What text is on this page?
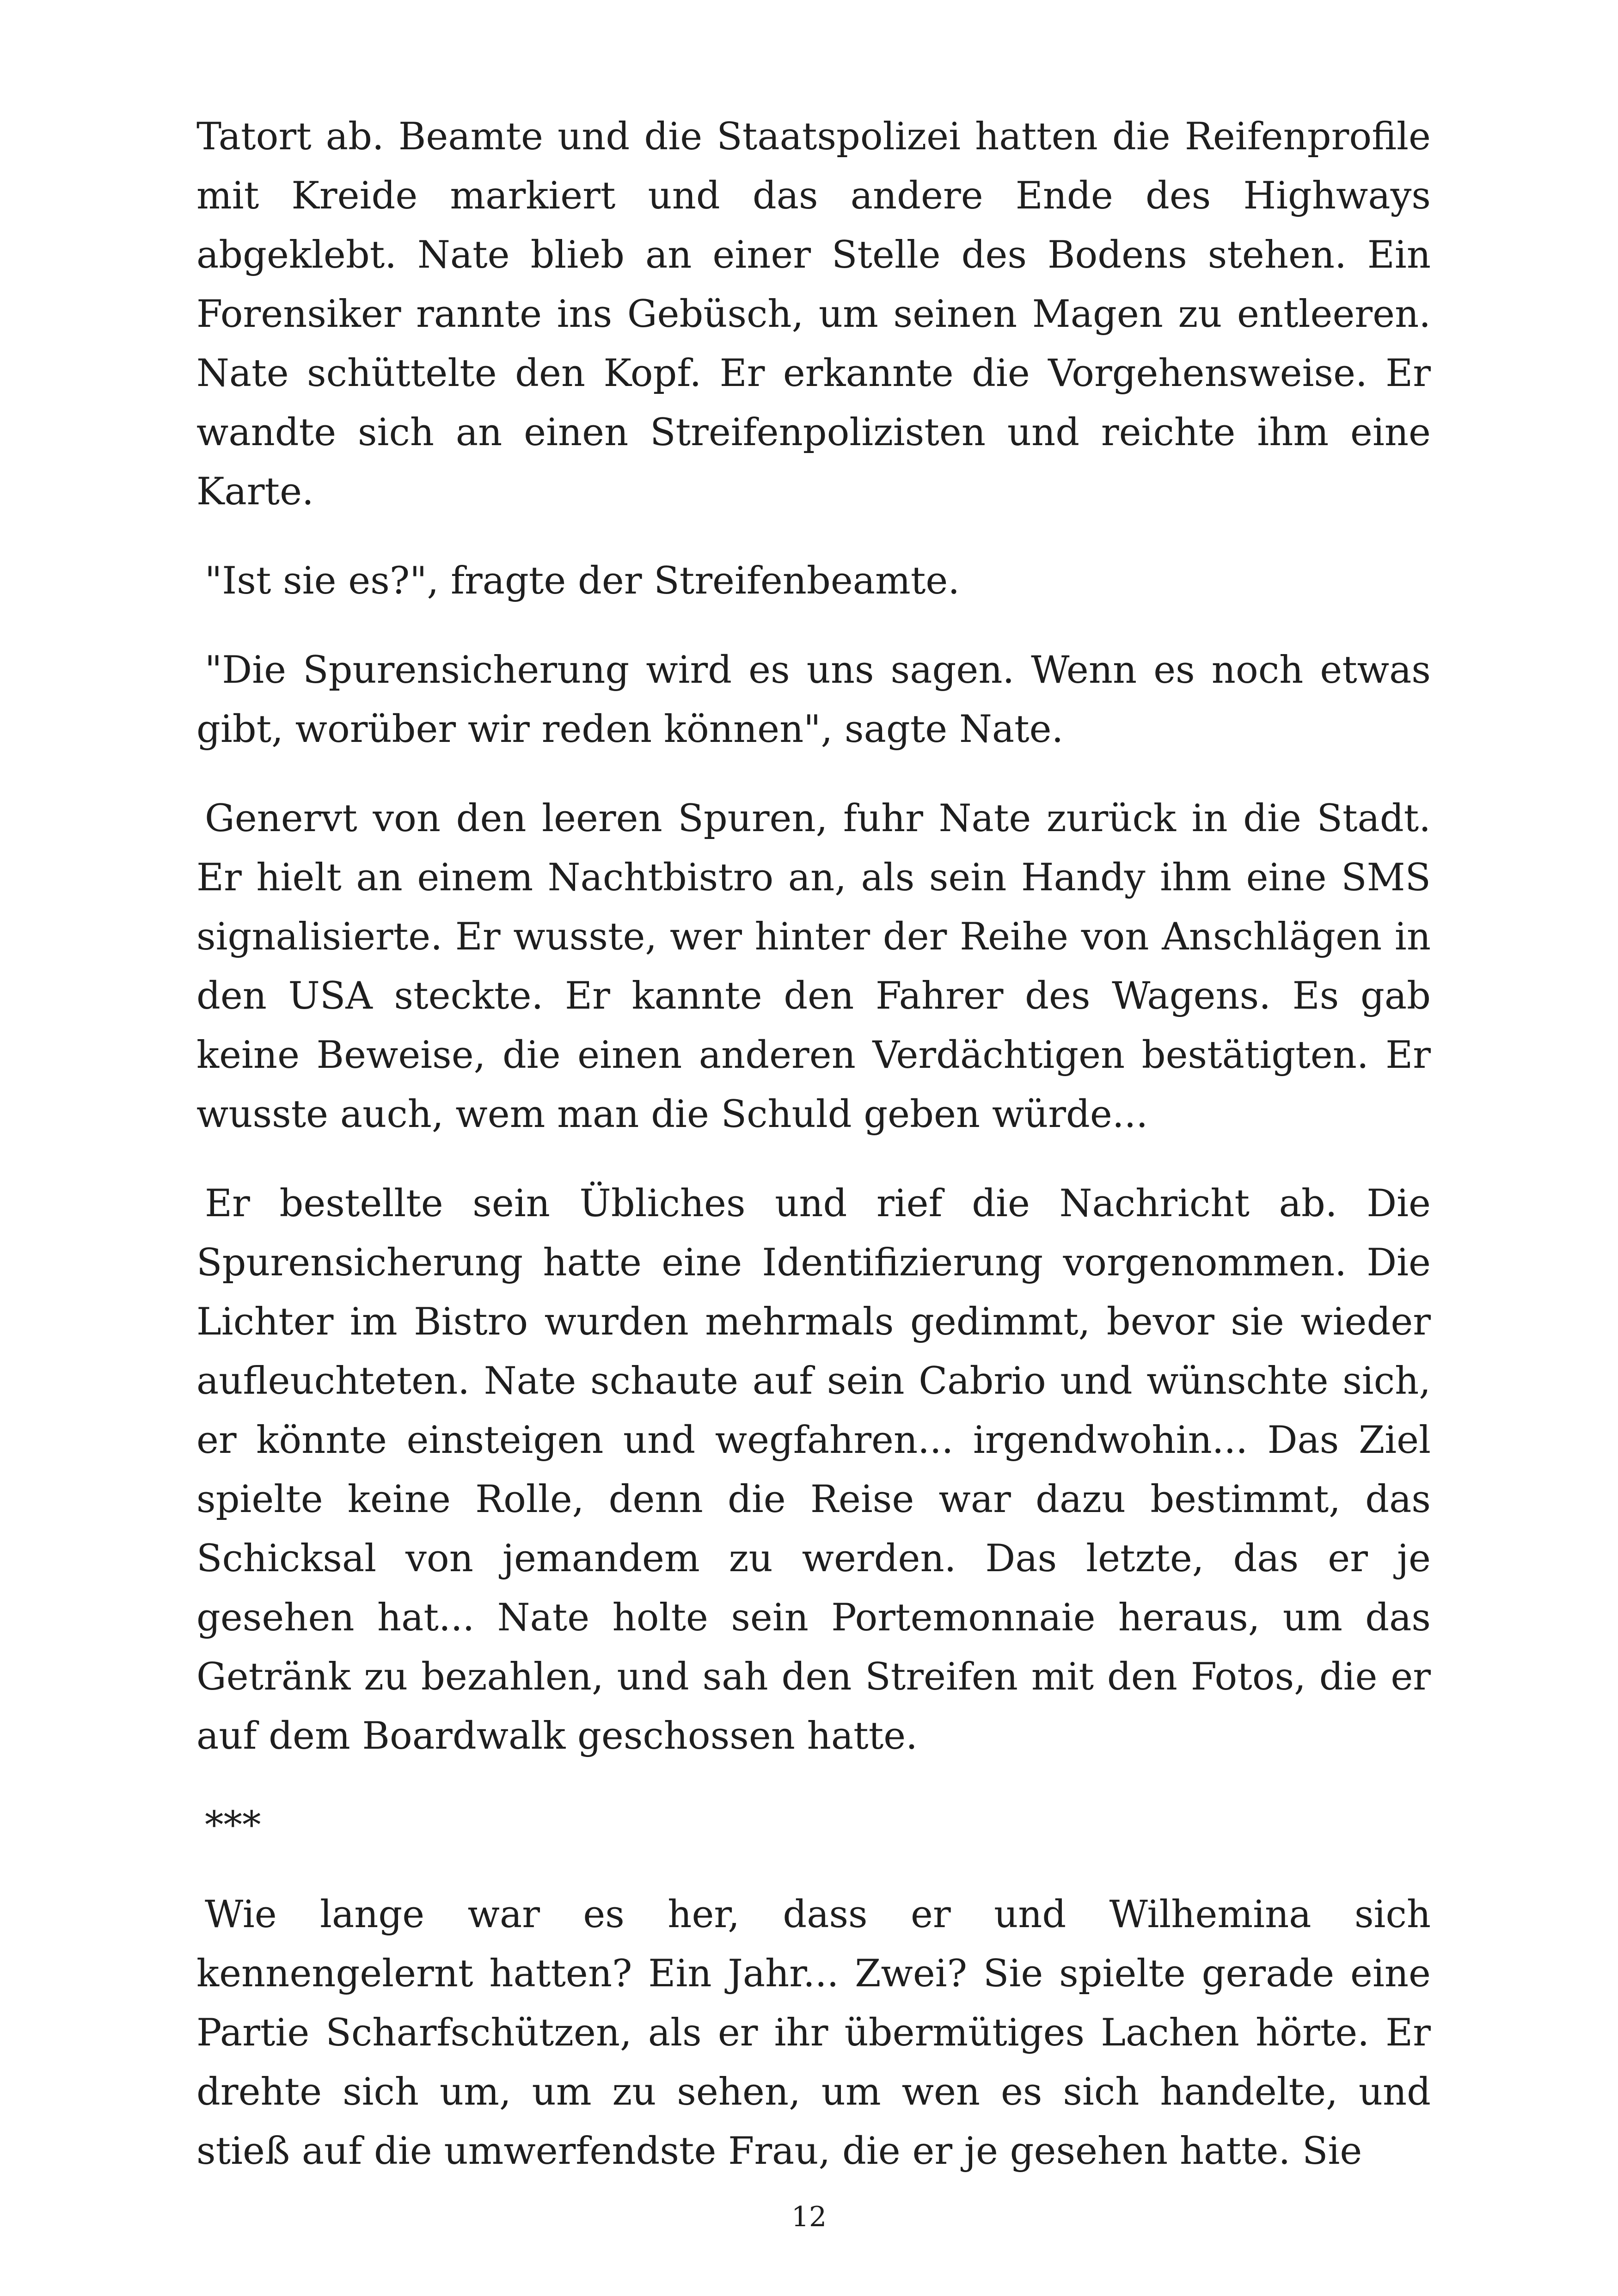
Tatort ab. Beamte und die Staatspolizei hatten die Reifenprofile mit Kreide markiert und das andere Ende des Highways abgeklebt. Nate blieb an einer Stelle des Bodens stehen. Ein Forensiker rannte ins Gebüsch, um seinen Magen zu entleeren. Nate schüttelte den Kopf. Er erkannte die Vorgehensweise. Er wandte sich an einen Streifenpolizisten und reichte ihm eine Karte.

"Ist sie es?", fragte der Streifenbeamte.

"Die Spurensicherung wird es uns sagen. Wenn es noch etwas gibt, worüber wir reden können", sagte Nate.

Genervt von den leeren Spuren, fuhr Nate zurück in die Stadt. Er hielt an einem Nachtbistro an, als sein Handy ihm eine SMS signalisierte. Er wusste, wer hinter der Reihe von Anschlägen in den USA steckte. Er kannte den Fahrer des Wagens. Es gab keine Beweise, die einen anderen Verdächtigen bestätigten. Er wusste auch, wem man die Schuld geben würde...

Er bestellte sein Übliches und rief die Nachricht ab. Die Spurensicherung hatte eine Identifizierung vorgenommen. Die Lichter im Bistro wurden mehrmals gedimmt, bevor sie wieder aufleuchteten. Nate schaute auf sein Cabrio und wünschte sich, er könnte einsteigen und wegfahren... irgendwohin... Das Ziel spielte keine Rolle, denn die Reise war dazu bestimmt, das Schicksal von jemandem zu werden. Das letzte, das er je gesehen hat... Nate holte sein Portemonnaie heraus, um das Getränk zu bezahlen, und sah den Streifen mit den Fotos, die er auf dem Boardwalk geschossen hatte.

***

Wie lange war es her, dass er und Wilhemina sich kennengelernt hatten? Ein Jahr... Zwei? Sie spielte gerade eine Partie Scharfschützen, als er ihr übermütiges Lachen hörte. Er drehte sich um, um zu sehen, um wen es sich handelte, und stieß auf die umwerfendste Frau, die er je gesehen hatte. Sie

12
